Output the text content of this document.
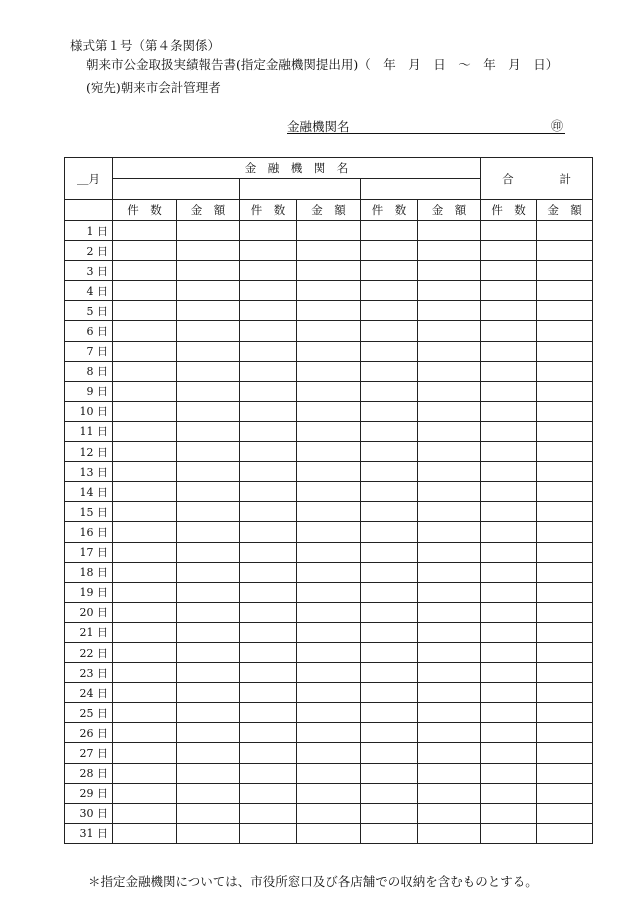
様式第１号（第４条関係）
朝来市公金取扱実績報告書(指定金融機関提出用)（　年　月　日　～　年　月　日）
(宛先)朝来市会計管理者
金融機関名	㊞
＿月	金　融　機　関　名						合　　　　計	

	件　数	金　額	件　数	金　額	件　数	金　額	件　数	金　額
1 日								
2 日								
3 日								
4 日								
5 日								
6 日								
7 日								
8 日								
9 日								
10 日								
11 日								
12 日								
13 日								
14 日								
15 日								
16 日								
17 日								
18 日								
19 日								
20 日								
21 日								
22 日								
23 日								
24 日								
25 日								
26 日								
27 日								
28 日								
29 日								
30 日								
31 日								
＊指定金融機関については、市役所窓口及び各店舗での収納を含むものとする。
